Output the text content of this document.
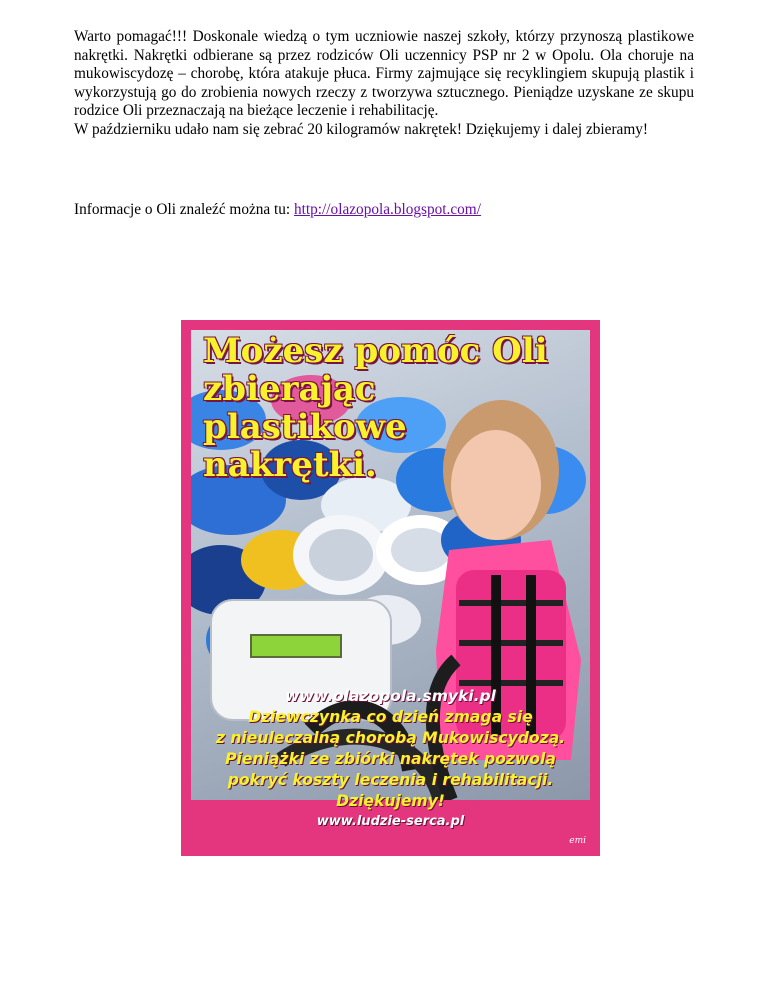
Warto pomagać!!! Doskonale wiedzą o tym uczniowie naszej szkoły, którzy przynoszą plastikowe nakrętki. Nakrętki odbierane są przez rodziców Oli uczennicy PSP nr 2 w Opolu. Ola choruje na mukowiscydozę – chorobę, która atakuje płuca. Firmy zajmujące się recyklingiem skupują plastik i wykorzystują go do zrobienia nowych rzeczy z tworzywa sztucznego. Pieniądze uzyskane ze skupu rodzice Oli przeznaczają na bieżące leczenie i rehabilitację.

W październiku udało nam się zebrać 20 kilogramów nakrętek! Dziękujemy i dalej zbieramy!

Informacje o Oli znaleźć można tu: http://olazopola.blogspot.com/
Możesz pomóc Oli
zbierając plastikowe
nakrętki.
www.olazopola.smyki.pl
Dziewczynka co dzień zmaga się
z nieuleczalną chorobą Mukowiscydozą.
Pieniążki ze zbiórki nakrętek pozwolą
pokryć koszty leczenia i rehabilitacji.
Dziękujemy!
www.ludzie-serca.pl
emi
